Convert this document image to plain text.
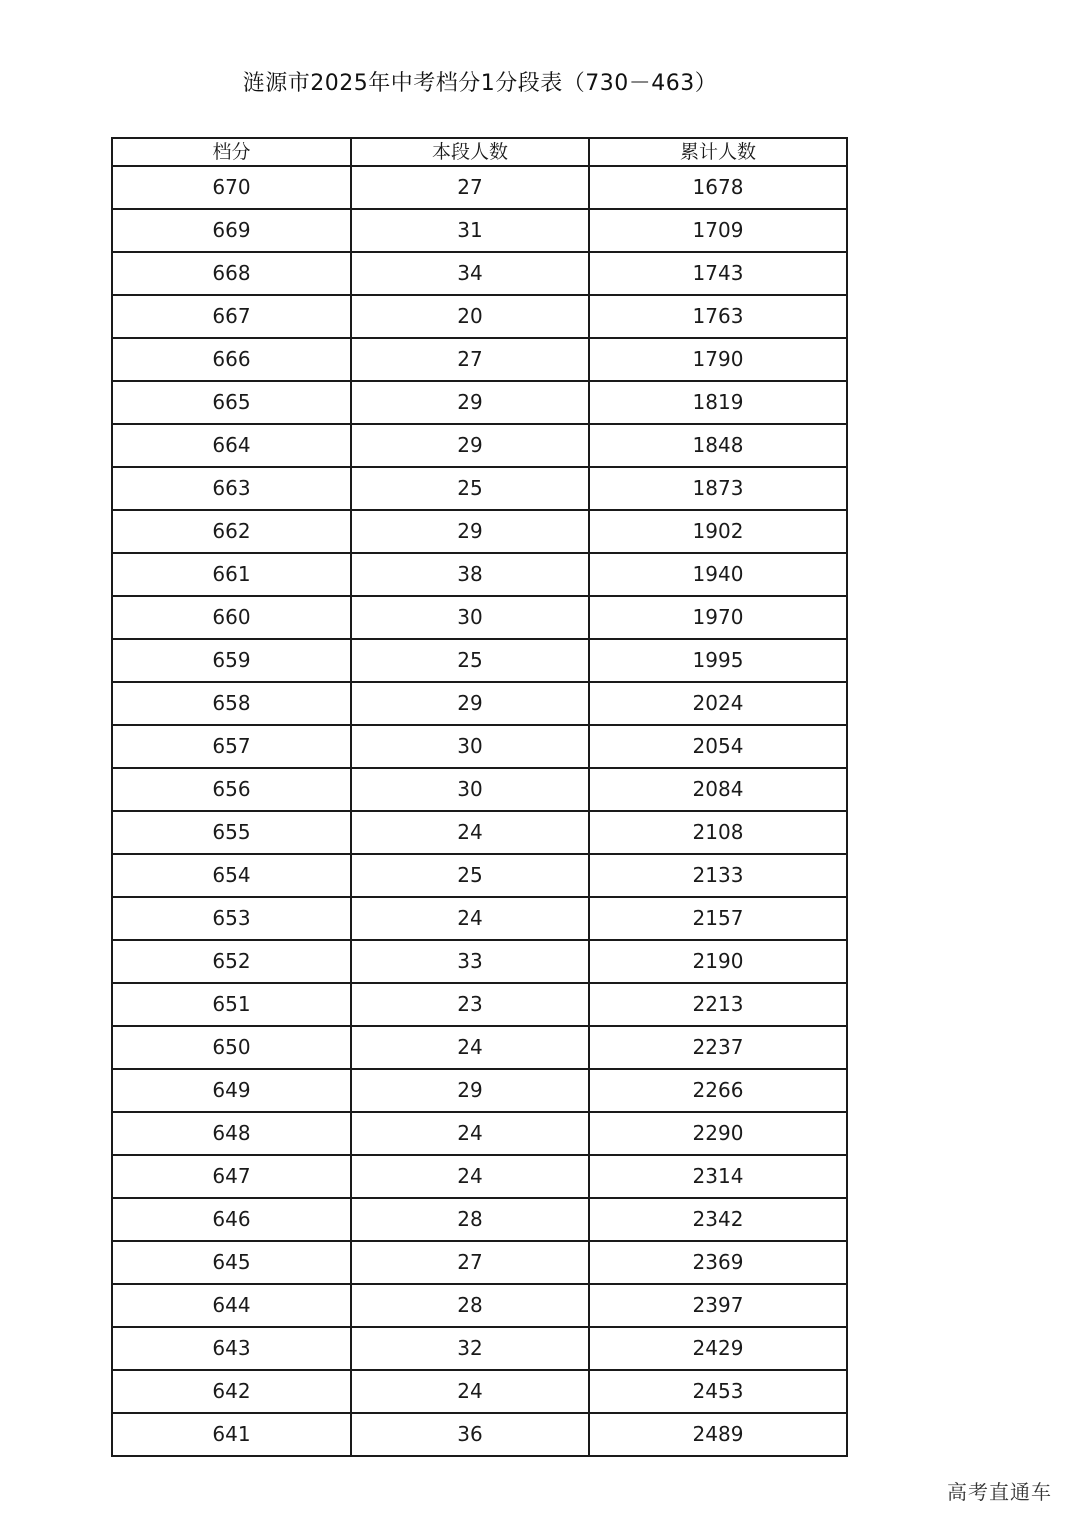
涟源市2025年中考档分1分段表（730－463）
档分	本段人数	累计人数
670	27	1678
669	31	1709
668	34	1743
667	20	1763
666	27	1790
665	29	1819
664	29	1848
663	25	1873
662	29	1902
661	38	1940
660	30	1970
659	25	1995
658	29	2024
657	30	2054
656	30	2084
655	24	2108
654	25	2133
653	24	2157
652	33	2190
651	23	2213
650	24	2237
649	29	2266
648	24	2290
647	24	2314
646	28	2342
645	27	2369
644	28	2397
643	32	2429
642	24	2453
641	36	2489
高考直通车
